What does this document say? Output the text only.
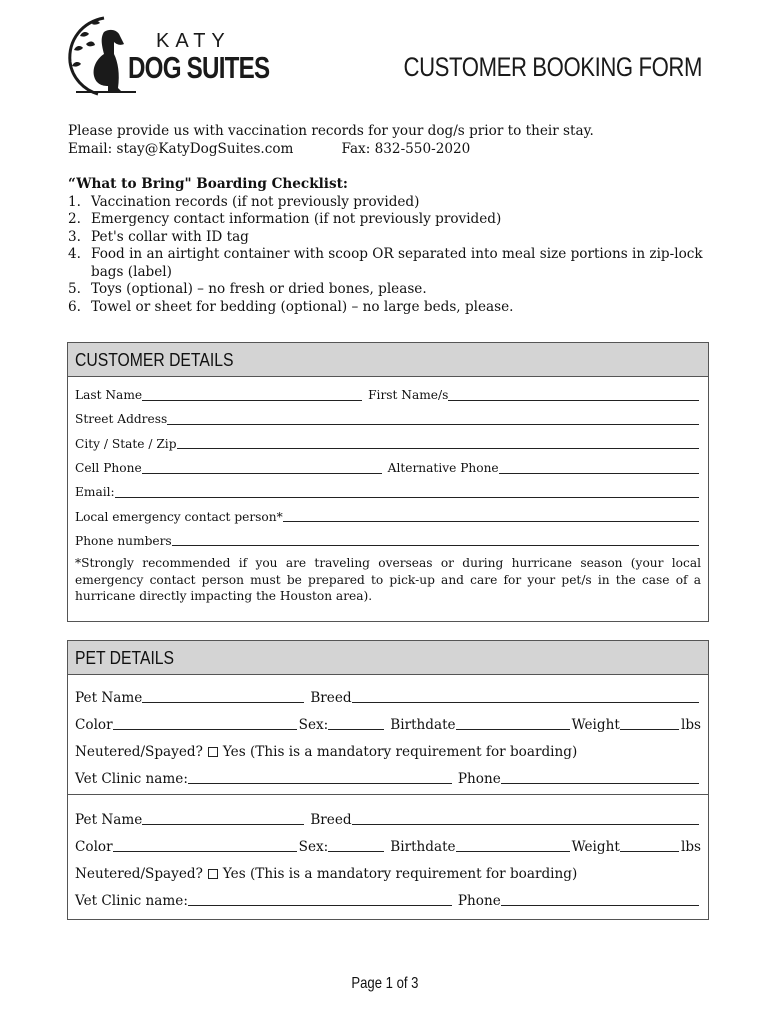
KATY
DOG SUITES	CUSTOMER BOOKING FORM
Please provide us with vaccination records for your dog/s prior to their stay.
Email: stay@KatyDogSuites.com	Fax: 832-550-2020
“What to Bring" Boarding Checklist:
1. Vaccination records (if not previously provided)
2. Emergency contact information (if not previously provided)
3. Pet's collar with ID tag
4. Food in an airtight container with scoop OR separated into meal size portions in zip-lock bags (label)
5. Toys (optional) – no fresh or dried bones, please.
6. Towel or sheet for bedding (optional) – no large beds, please.
CUSTOMER DETAILS
Last Name	First Name/s
Street Address
City / State / Zip
Cell Phone	Alternative Phone
Email:
Local emergency contact person*
Phone numbers
*Strongly recommended if you are traveling overseas or during hurricane season (your local emergency contact person must be prepared to pick-up and care for your pet/s in the case of a hurricane directly impacting the Houston area).
PET DETAILS
Pet Name	Breed
Color	Sex:	Birthdate	Weight	lbs
Neutered/Spayed? Yes (This is a mandatory requirement for boarding)
Vet Clinic name:	Phone
Pet Name	Breed
Color	Sex:	Birthdate	Weight	lbs
Neutered/Spayed? Yes (This is a mandatory requirement for boarding)
Vet Clinic name:	Phone
Page 1 of 3
